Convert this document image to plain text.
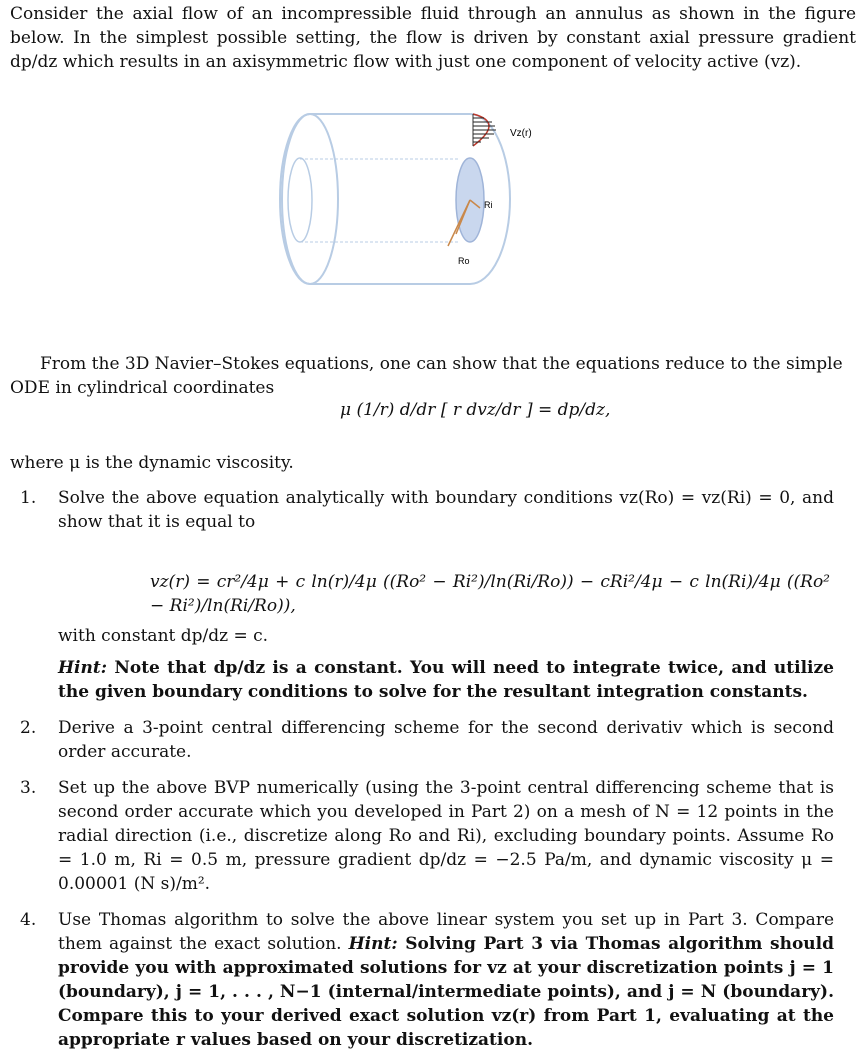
Consider the axial flow of an incompressible fluid through an annulus as shown in the figure below. In the simplest possible setting, the flow is driven by constant axial pressure gradient dp/dz which results in an axisymmetric flow with just one component of velocity active (vz).
Vz(r)
Ri
Ro
From the 3D Navier–Stokes equations, one can show that the equations reduce to the simple ODE in cylindrical coordinates
μ (1/r) d/dr [ r dvz/dr ] = dp/dz,
where μ is the dynamic viscosity.
1. Solve the above equation analytically with boundary conditions vz(Ro) = vz(Ri) = 0, and show that it is equal to
vz(r) = cr²/4μ + c ln(r)/4μ ((Ro² − Ri²)/ln(Ri/Ro)) − cRi²/4μ − c ln(Ri)/4μ ((Ro² − Ri²)/ln(Ri/Ro)),
with constant dp/dz = c.
Hint: Note that dp/dz is a constant. You will need to integrate twice, and utilize the given boundary conditions to solve for the resultant integration constants.
2. Derive a 3-point central differencing scheme for the second derivativ which is second order accurate.
3. Set up the above BVP numerically (using the 3-point central differencing scheme that is second order accurate which you developed in Part 2) on a mesh of N = 12 points in the radial direction (i.e., discretize along Ro and Ri), excluding boundary points. Assume Ro = 1.0 m, Ri = 0.5 m, pressure gradient dp/dz = −2.5 Pa/m, and dynamic viscosity μ = 0.00001 (N s)/m².
4. Use Thomas algorithm to solve the above linear system you set up in Part 3. Compare them against the exact solution. Hint: Solving Part 3 via Thomas algorithm should provide you with approximated solutions for vz at your discretization points j = 1 (boundary), j = 1, . . . , N−1 (internal/intermediate points), and j = N (boundary). Compare this to your derived exact solution vz(r) from Part 1, evaluating at the appropriate r values based on your discretization.
